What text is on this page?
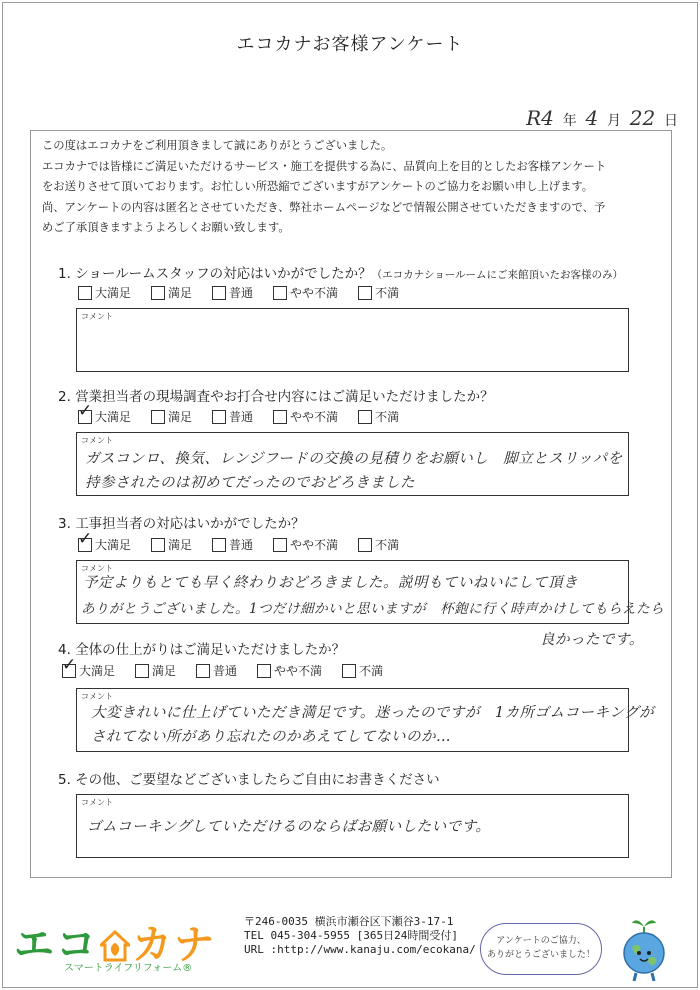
エコカナお客様アンケート
R4 年 4 月 22 日
この度はエコカナをご利用頂きまして誠にありがとうございました。
エコカナでは皆様にご満足いただけるサービス・施工を提供する為に、品質向上を目的としたお客様アンケート
をお送りさせて頂いております。お忙しい所恐縮でございますがアンケートのご協力をお願い申し上げます。
尚、アンケートの内容は匿名とさせていただき、弊社ホームページなどで情報公開させていただきますので、予
めご了承頂きますようよろしくお願い致します。
1. ショールームスタッフの対応はいかがでしたか？（エコカナショールームにご来館頂いたお客様のみ）
大満足	満足	普通	やや不満	不満
コメント
2. 営業担当者の現場調査やお打合せ内容にはご満足いただけましたか？
✓ 大満足	満足	普通	やや不満	不満
コメント
ガスコンロ、換気、レンジフードの交換の見積りをお願いし　脚立とスリッパを
持参されたのは初めてだったのでおどろきました
3. 工事担当者の対応はいかがでしたか？
✓ 大満足	満足	普通	やや不満	不満
コメント
予定よりもとても早く終わりおどろきました。説明もていねいにして頂き
ありがとうございました。1つだけ細かいと思いますが　杯鉋に行く時声かけしてもらえたら
良かったです。
4. 全体の仕上がりはご満足いただけましたか？
✓ 大満足	満足	普通	やや不満	不満
コメント
大変きれいに仕上げていただき満足です。迷ったのですが　1カ所ゴムコーキングが
されてない所があり忘れたのかあえてしてないのか…
5. その他、ご要望などございましたらご自由にお書きください
コメント
ゴムコーキングしていただけるのならばお願いしたいです。
エコ カナ
スマートライフリフォーム®
〒246-0035 横浜市瀬谷区下瀬谷3-17-1
TEL 045-304-5955 [365日24時間受付]
URL :http://www.kanaju.com/ecokana/
アンケートのご協力、
ありがとうございました！
